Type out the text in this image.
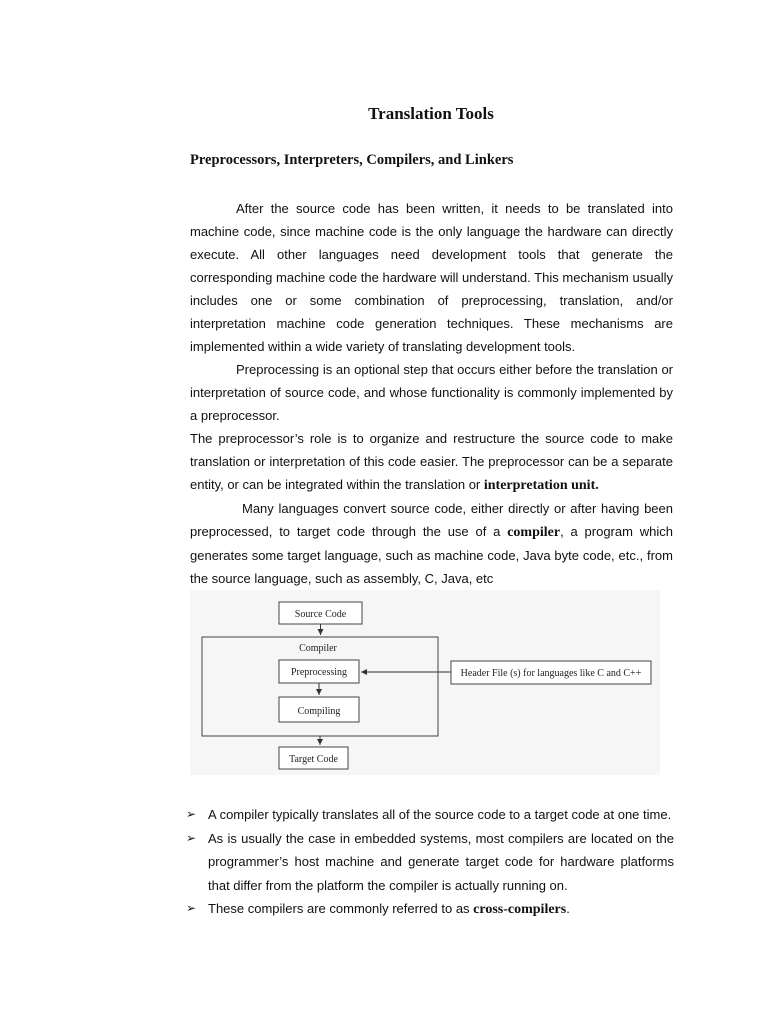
Translation Tools
Preprocessors, Interpreters, Compilers, and Linkers

After the source code has been written, it needs to be translated into machine code, since machine code is the only language the hardware can directly execute. All other languages need development tools that generate the corresponding machine code the hardware will understand. This mechanism usually includes one or some combination of preprocessing, translation, and/or interpretation machine code generation techniques. These mechanisms are implemented within a wide variety of translating development tools.

Preprocessing is an optional step that occurs either before the translation or interpretation of source code, and whose functionality is commonly implemented by a preprocessor.

The preprocessor’s role is to organize and restructure the source code to make translation or interpretation of this code easier. The preprocessor can be a separate entity, or can be integrated within the translation or interpretation unit.

Many languages convert source code, either directly or after having been preprocessed, to target code through the use of a compiler, a program which generates some target language, such as machine code, Java byte code, etc., from the source language, such as assembly, C, Java, etc

Source Code
Compiler
Preprocessing
Compiling
Header File (s) for languages like C and C++
Target Code
➢ A compiler typically translates all of the source code to a target code at one time.
➢ As is usually the case in embedded systems, most compilers are located on the programmer’s host machine and generate target code for hardware platforms that differ from the platform the compiler is actually running on.
➢ These compilers are commonly referred to as cross-compilers.
